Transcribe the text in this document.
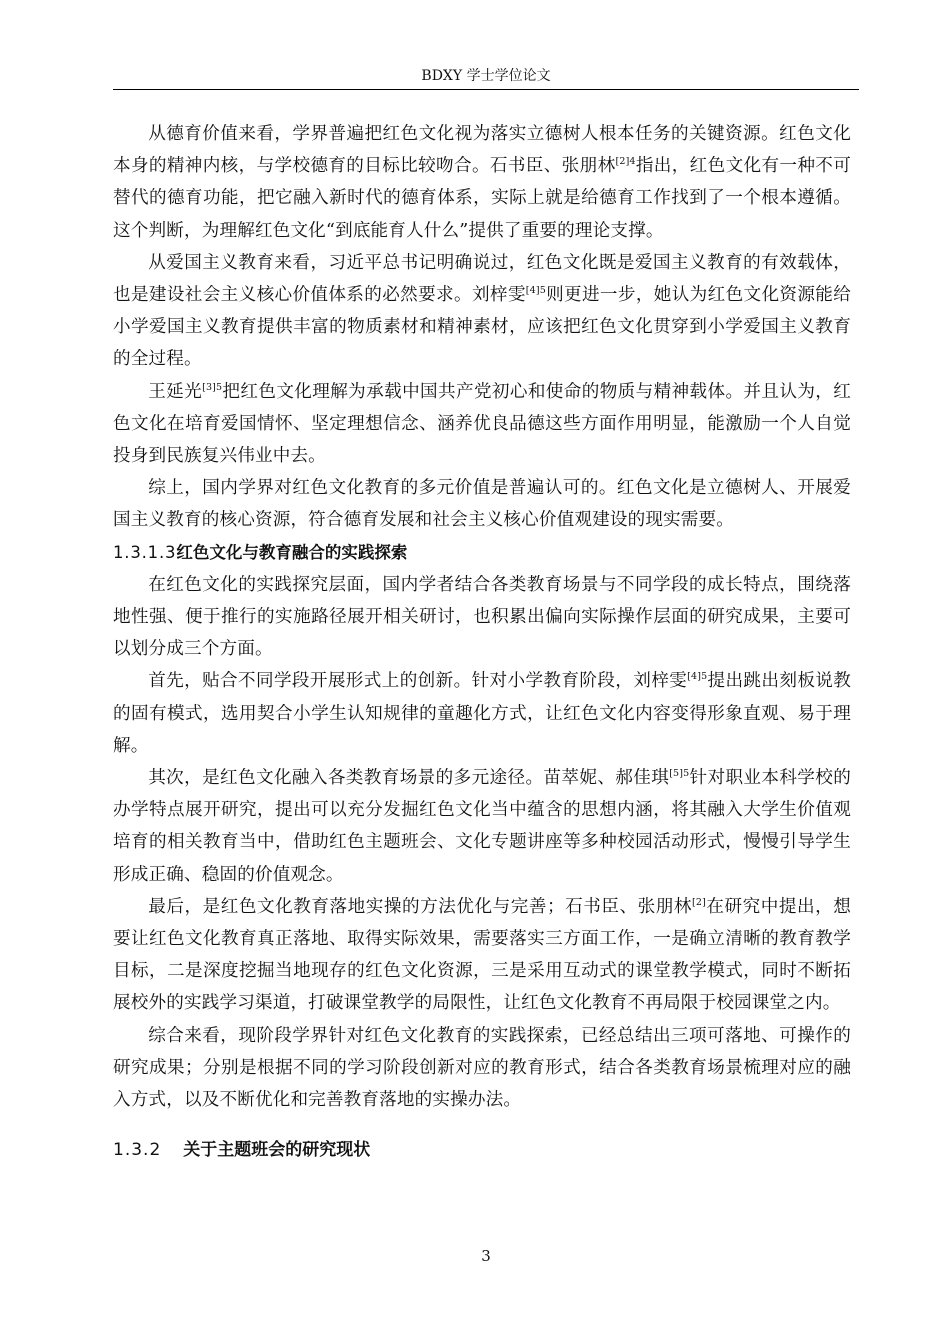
BDXY 学士学位论文

从德育价值来看，学界普遍把红色文化视为落实立德树人根本任务的关键资源。红色文化本身的精神内核，与学校德育的目标比较吻合。石书臣、张朋林$^{[2]4}$指出，红色文化有一种不可替代的德育功能，把它融入新时代的德育体系，实际上就是给德育工作找到了一个根本遵循。这个判断，为理解红色文化“到底能育人什么”提供了重要的理论支撑。

从爱国主义教育来看，习近平总书记明确说过，红色文化既是爱国主义教育的有效载体，也是建设社会主义核心价值体系的必然要求。刘梓雯$^{[4]5}$则更进一步，她认为红色文化资源能给小学爱国主义教育提供丰富的物质素材和精神素材，应该把红色文化贯穿到小学爱国主义教育的全过程。

王延光$^{[3]5}$把红色文化理解为承载中国共产党初心和使命的物质与精神载体。并且认为，红色文化在培育爱国情怀、坚定理想信念、涵养优良品德这些方面作用明显，能激励一个人自觉投身到民族复兴伟业中去。

综上，国内学界对红色文化教育的多元价值是普遍认可的。红色文化是立德树人、开展爱国主义教育的核心资源，符合德育发展和社会主义核心价值观建设的现实需要。

1.3.1.3红色文化与教育融合的实践探索

在红色文化的实践探究层面，国内学者结合各类教育场景与不同学段的成长特点，围绕落地性强、便于推行的实施路径展开相关研讨，也积累出偏向实际操作层面的研究成果，主要可以划分成三个方面。

首先，贴合不同学段开展形式上的创新。针对小学教育阶段，刘梓雯$^{[4]5}$提出跳出刻板说教的固有模式，选用契合小学生认知规律的童趣化方式，让红色文化内容变得形象直观、易于理解。

其次，是红色文化融入各类教育场景的多元途径。苗萃妮、郝佳琪$^{[5]5}$针对职业本科学校的办学特点展开研究，提出可以充分发掘红色文化当中蕴含的思想内涵，将其融入大学生价值观培育的相关教育当中，借助红色主题班会、文化专题讲座等多种校园活动形式，慢慢引导学生形成正确、稳固的价值观念。

最后，是红色文化教育落地实操的方法优化与完善；石书臣、张朋林[2]在研究中提出，想要让红色文化教育真正落地、取得实际效果，需要落实三方面工作，一是确立清晰的教育教学目标，二是深度挖掘当地现存的红色文化资源，三是采用互动式的课堂教学模式，同时不断拓展校外的实践学习渠道，打破课堂教学的局限性，让红色文化教育不再局限于校园课堂之内。

综合来看，现阶段学界针对红色文化教育的实践探索，已经总结出三项可落地、可操作的研究成果；分别是根据不同的学习阶段创新对应的教育形式，结合各类教育场景梳理对应的融入方式，以及不断优化和完善教育落地的实操办法。

1.3.2 关于主题班会的研究现状
3
